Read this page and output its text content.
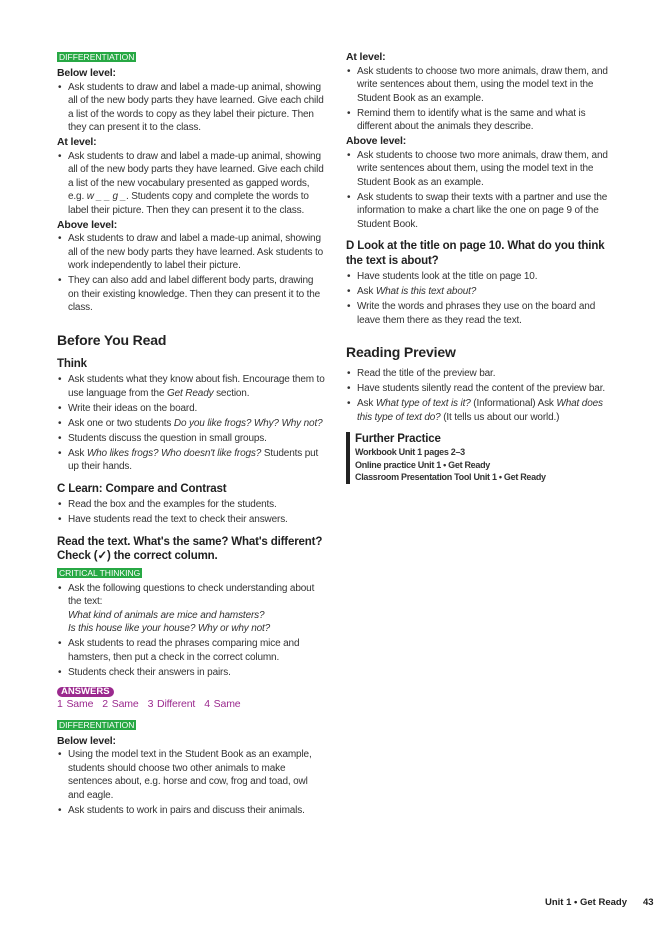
DIFFERENTIATION
Below level:
• Ask students to draw and label a made-up animal, showing all of the new body parts they have learned. Give each child a list of the words to copy as they label their picture. Then they can present it to the class.
At level:
• Ask students to draw and label a made-up animal, showing all of the new body parts they have learned. Give each child a list of the new vocabulary presented as gapped words, e.g. w _ _ g _. Students copy and complete the words to label their picture. Then they can present it to the class.
Above level:
• Ask students to draw and label a made-up animal, showing all of the new body parts they have learned. Ask students to work independently to label their picture.
• They can also add and label different body parts, drawing on their existing knowledge. Then they can present it to the class.
Before You Read
Think
• Ask students what they know about fish. Encourage them to use language from the Get Ready section.
• Write their ideas on the board.
• Ask one or two students Do you like frogs? Why? Why not?
• Students discuss the question in small groups.
• Ask Who likes frogs? Who doesn't like frogs? Students put up their hands.
C Learn: Compare and Contrast
• Read the box and the examples for the students.
• Have students read the text to check their answers.
Read the text. What's the same? What's different? Check (✓) the correct column.
CRITICAL THINKING
• Ask the following questions to check understanding about the text:
What kind of animals are mice and hamsters?
Is this house like your house? Why or why not?
• Ask students to read the phrases comparing mice and hamsters, then put a check in the correct column.
• Students check their answers in pairs.
ANSWERS
1 Same 2 Same 3 Different 4 Same
DIFFERENTIATION
Below level:
• Using the model text in the Student Book as an example, students should choose two other animals to make sentences about, e.g. horse and cow, frog and toad, owl and eagle.
• Ask students to work in pairs and discuss their animals.
At level:
• Ask students to choose two more animals, draw them, and write sentences about them, using the model text in the Student Book as an example.
• Remind them to identify what is the same and what is different about the animals they describe.
Above level:
• Ask students to choose two more animals, draw them, and write sentences about them, using the model text in the Student Book as an example.
• Ask students to swap their texts with a partner and use the information to make a chart like the one on page 9 of the Student Book.
D Look at the title on page 10. What do you think the text is about?
• Have students look at the title on page 10.
• Ask What is this text about?
• Write the words and phrases they use on the board and leave them there as they read the text.
Reading Preview
• Read the title of the preview bar.
• Have students silently read the content of the preview bar.
• Ask What type of text is it? (Informational) Ask What does this type of text do? (It tells us about our world.)
Further Practice
Workbook Unit 1 pages 2–3
Online practice Unit 1 • Get Ready
Classroom Presentation Tool Unit 1 • Get Ready
Unit 1 • Get Ready 43
